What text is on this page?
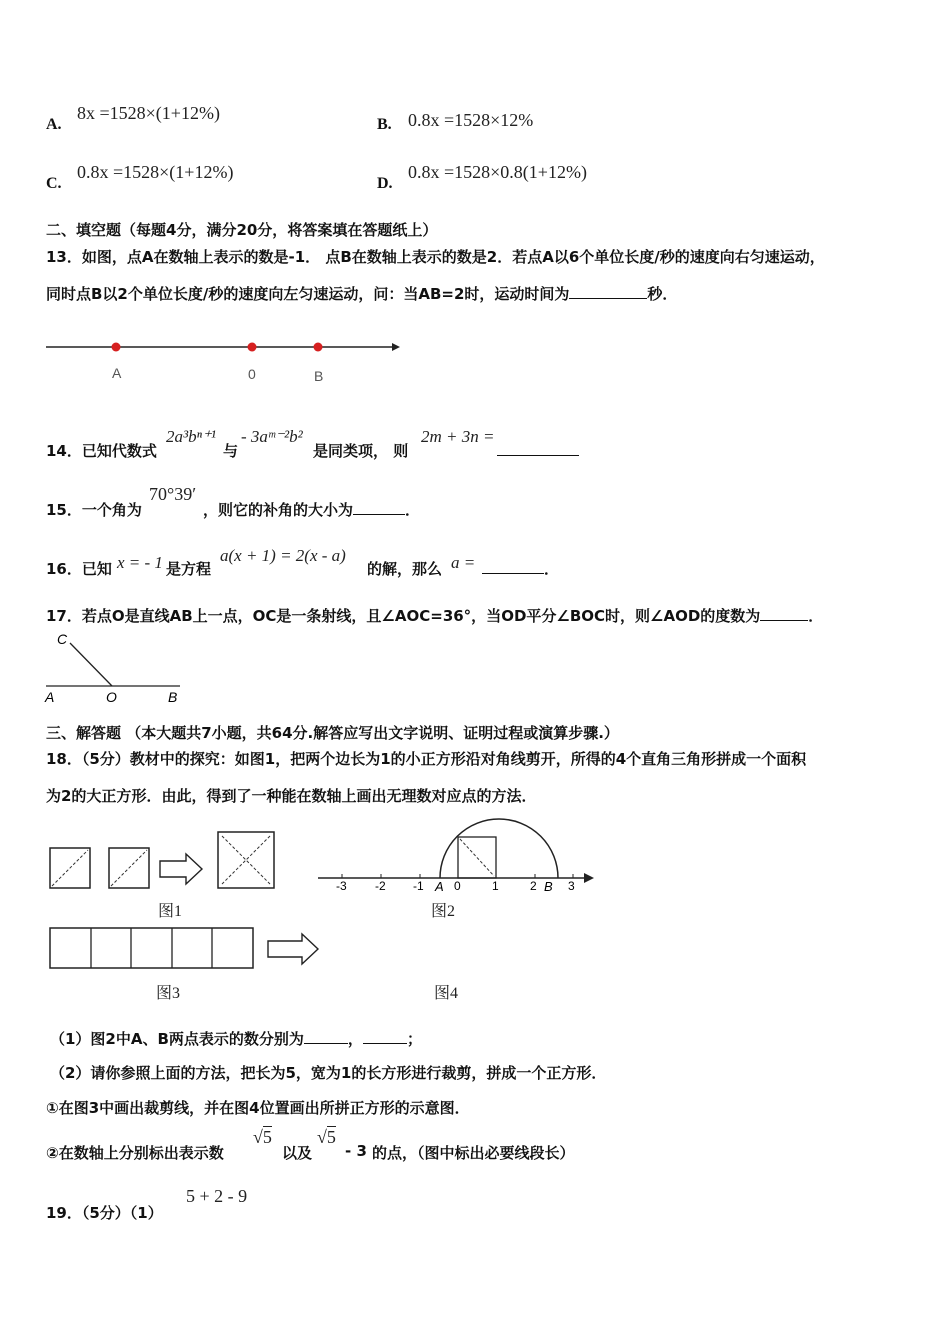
A.
8x =1528×(1+12%)
B. 0.8x =1528×12%
C.
0.8x =1528×(1+12%)
D.
0.8x =1528×0.8(1+12%)
二、填空题（每题4分，满分20分，将答案填在答题纸上）
13．如图，点A在数轴上表示的数是-1． 点B在数轴上表示的数是2．若点A以6个单位长度/秒的速度向右匀速运动，
同时点B以2个单位长度/秒的速度向左匀速运动，问：当AB=2时，运动时间为	秒．
A	0	B
14．已知代数式
2a³bⁿ⁺¹
与
- 3aᵐ⁻²b²
是同类项， 则
2m + 3n =
15．一个角为
70°39′
，则它的补角的大小为	．
16．已知 x = - 1 是方程
a(x + 1) = 2(x - a)
的解，那么 a =	．
17．若点O是直线AB上一点，OC是一条射线，且∠AOC=36°，当OD平分∠BOC时，则∠AOD的度数为	．
C
A	O	B
三、解答题 （本大题共7小题，共64分.解答应写出文字说明、证明过程或演算步骤.）
18．（5分）教材中的探究：如图1，把两个边长为1的小正方形沿对角线剪开，所得的4个直角三角形拼成一个面积
为2的大正方形．由此，得到了一种能在数轴上画出无理数对应点的方法．
图1
-3 -2 -1	0	1	2	3
A	B
图2
图3	图4
（1）图2中A、B两点表示的数分别为	，	；
（2）请你参照上面的方法，把长为5，宽为1的长方形进行裁剪，拼成一个正方形．
①在图3中画出裁剪线，并在图4位置画出所拼正方形的示意图．
②在数轴上分别标出表示数
√5
以及
√5
- 3 的点，（图中标出必要线段长）
19．（5分）（1）
5 + 2 - 9
